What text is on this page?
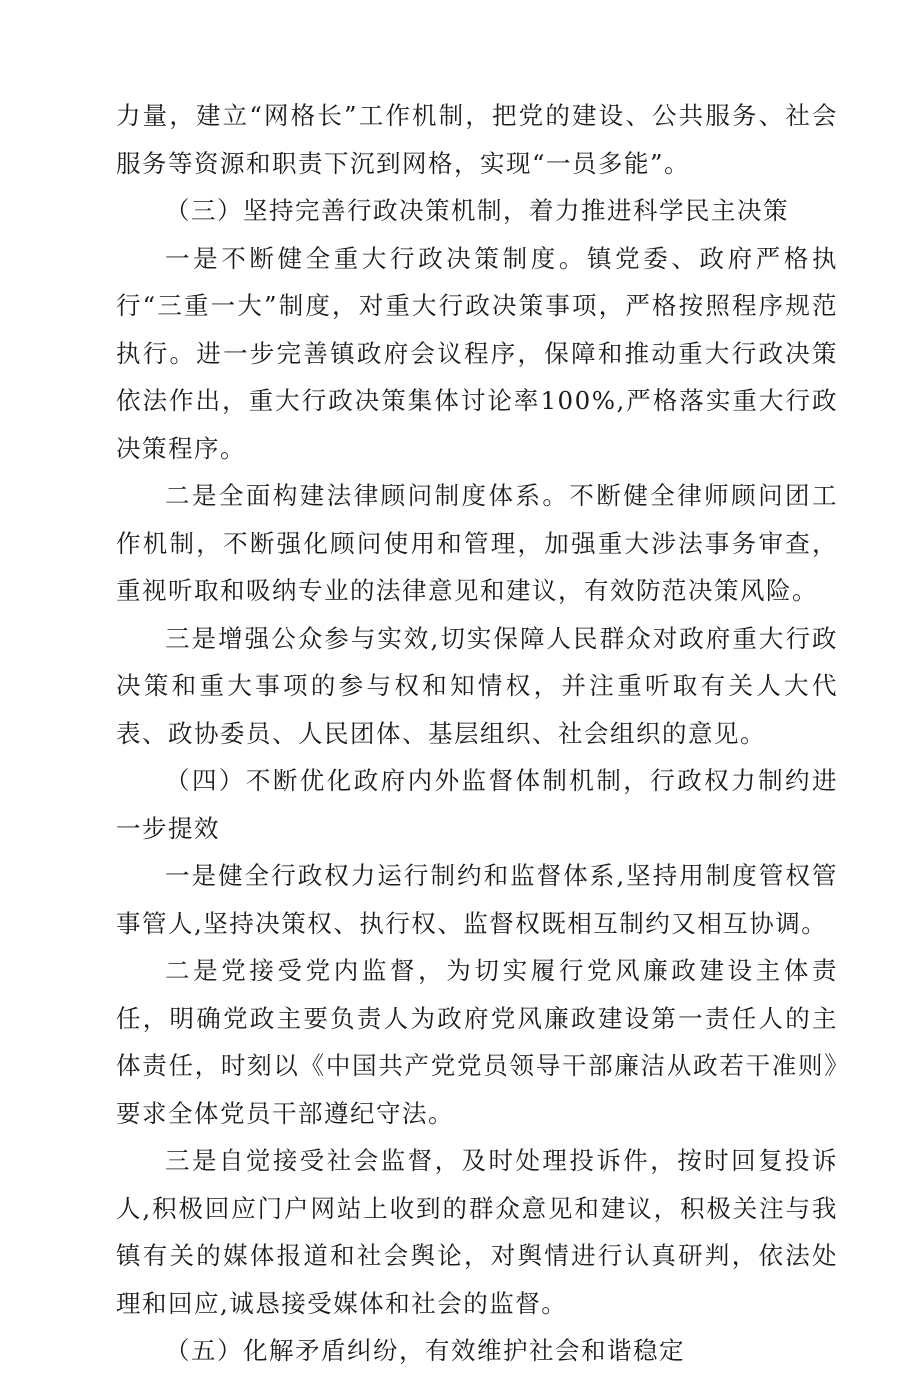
力量，建立“网格长”工作机制，把党的建设、公共服务、社会服务等资源和职责下沉到网格，实现“一员多能”。

（三）坚持完善行政决策机制，着力推进科学民主决策

一是不断健全重大行政决策制度。镇党委、政府严格执行“三重一大”制度，对重大行政决策事项，严格按照程序规范执行。进一步完善镇政府会议程序，保障和推动重大行政决策依法作出，重大行政决策集体讨论率100%,严格落实重大行政决策程序。

二是全面构建法律顾问制度体系。不断健全律师顾问团工作机制，不断强化顾问使用和管理，加强重大涉法事务审查，重视听取和吸纳专业的法律意见和建议，有效防范决策风险。

三是增强公众参与实效,切实保障人民群众对政府重大行政决策和重大事项的参与权和知情权，并注重听取有关人大代表、政协委员、人民团体、基层组织、社会组织的意见。

（四）不断优化政府内外监督体制机制，行政权力制约进一步提效

一是健全行政权力运行制约和监督体系,坚持用制度管权管事管人,坚持决策权、执行权、监督权既相互制约又相互协调。

二是党接受党内监督，为切实履行党风廉政建设主体责任，明确党政主要负责人为政府党风廉政建设第一责任人的主体责任，时刻以《中国共产党党员领导干部廉洁从政若干准则》要求全体党员干部遵纪守法。

三是自觉接受社会监督，及时处理投诉件，按时回复投诉人,积极回应门户网站上收到的群众意见和建议，积极关注与我镇有关的媒体报道和社会舆论，对舆情进行认真研判，依法处理和回应,诚恳接受媒体和社会的监督。

（五）化解矛盾纠纷，有效维护社会和谐稳定
